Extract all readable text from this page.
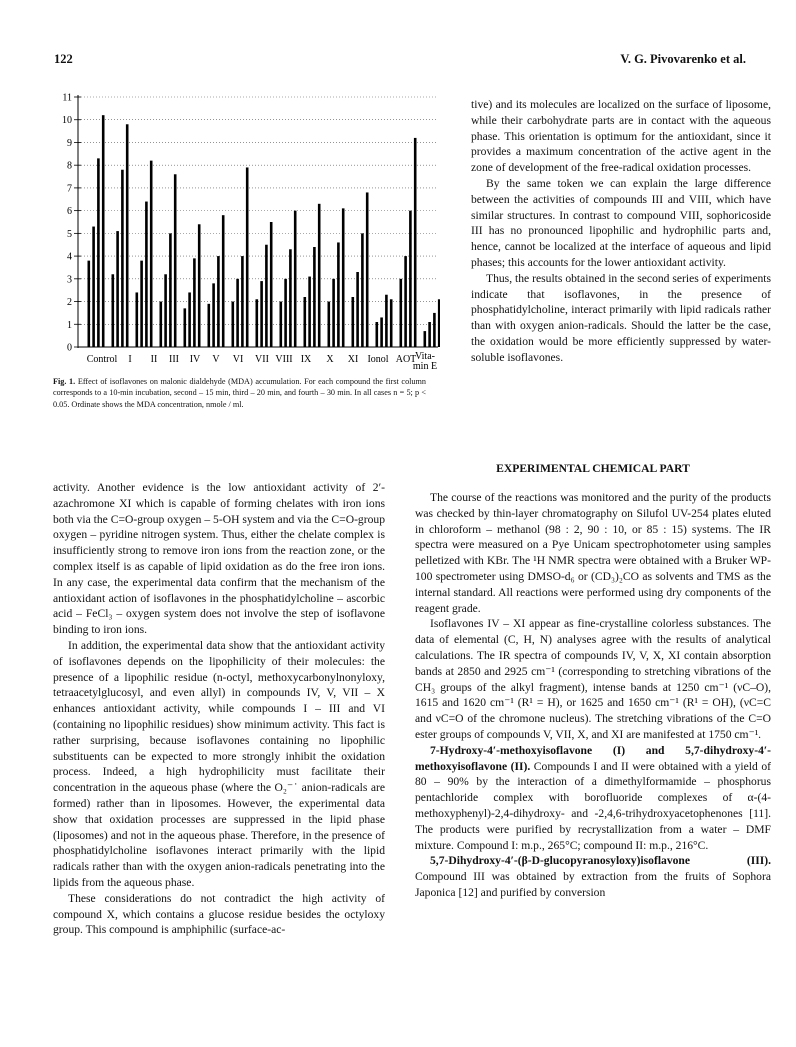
122	V. G. Pivovarenko et al.
0
1
2
3
4
5
6
7
8
9
10
11
Control I II III IV V VI VII VIII IX X XI Ionol AOT
Vita-
min E
Fig. 1. Effect of isoflavones on malonic dialdehyde (MDA) accumulation. For each compound the first column corresponds to a 10-min incubation, second – 15 min, third – 20 min, and fourth – 30 min. In all cases n = 5; p < 0.05. Ordinate shows the MDA concentration, nmole / ml.

tive) and its molecules are localized on the surface of liposome, while their carbohydrate parts are in contact with the aqueous phase. This orientation is optimum for the antioxidant, since it provides a maximum concentration of the active agent in the zone of development of the free-radical oxidation processes.

By the same token we can explain the large difference between the activities of compounds III and VIII, which have similar structures. In contrast to compound VIII, sophoricoside III has no pronounced lipophilic and hydrophilic parts and, hence, cannot be localized at the interface of aqueous and lipid phases; this accounts for the lower antioxidant activity.

Thus, the results obtained in the second series of experiments indicate that isoflavones, in the presence of phosphatidylcholine, interact primarily with lipid radicals rather than with oxygen anion-radicals. Should the latter be the case, the oxidation would be more efficiently suppressed by water-soluble isoflavones.

EXPERIMENTAL CHEMICAL PART

activity. Another evidence is the low antioxidant activity of 2′-azachromone XI which is capable of forming chelates with iron ions both via the C=O-group oxygen – 5-OH system and via the C=O-group oxygen – pyridine nitrogen system. Thus, either the chelate complex is insufficiently strong to remove iron ions from the reaction zone, or the complex itself is as capable of lipid oxidation as do the free iron ions. In any case, the experimental data confirm that the mechanism of the antioxidant action of isoflavones in the phosphatidylcholine – ascorbic acid – FeCl₃ – oxygen system does not involve the step of isoflavone binding to iron ions.

In addition, the experimental data show that the antioxidant activity of isoflavones depends on the lipophilicity of their molecules: the presence of a lipophilic residue (n-octyl, methoxycarbonylnonyloxy, tetraacetylglucosyl, and even allyl) in compounds IV, V, VII – X enhances antioxidant activity, while compounds I – III and VI (containing no lipophilic residues) show minimum activity. This fact is rather surprising, because isoflavones containing no lipophilic substituents can be expected to more strongly inhibit the oxidation process. Indeed, a high hydrophilicity must facilitate their concentration in the aqueous phase (where the O₂⁻˙ anion-radicals are formed) rather than in liposomes. However, the experimental data show that oxidation processes are suppressed in the lipid phase (liposomes) and not in the aqueous phase. Therefore, in the presence of phosphatidylcholine isoflavones interact primarily with the lipid radicals rather than with the oxygen anion-radicals penetrating into the lipids from the aqueous phase.

These considerations do not contradict the high activity of compound X, which contains a glucose residue besides the octyloxy group. This compound is amphiphilic (surface-ac-

The course of the reactions was monitored and the purity of the products was checked by thin-layer chromatography on Silufol UV-254 plates eluted in chloroform – methanol (98 : 2, 90 : 10, or 85 : 15) systems. The IR spectra were measured on a Pye Unicam spectrophotometer using samples pelletized with KBr. The ¹H NMR spectra were obtained with a Bruker WP-100 spectrometer using DMSO-d₆ or (CD₃)₂CO as solvents and TMS as the internal standard. All reactions were performed using dry components of the reagent grade.

Isoflavones IV – XI appear as fine-crystalline colorless substances. The data of elemental (C, H, N) analyses agree with the results of analytical calculations. The IR spectra of compounds IV, V, X, XI contain absorption bands at 2850 and 2925 cm⁻¹ (corresponding to stretching vibrations of the CH₃ groups of the alkyl fragment), intense bands at 1250 cm⁻¹ (νC–O), 1615 and 1620 cm⁻¹ (R¹ = H), or 1625 and 1650 cm⁻¹ (R¹ = OH), (νC=C and νC=O of the chromone nucleus). The stretching vibrations of the C=O ester groups of compounds V, VII, X, and XI are manifested at 1750 cm⁻¹.

7-Hydroxy-4′-methoxyisoflavone (I) and 5,7-dihydroxy-4′-methoxyisoflavone (II). Compounds I and II were obtained with a yield of 80 – 90% by the interaction of a dimethylformamide – phosphorus pentachloride complex with borofluoride complexes of α-(4-methoxyphenyl)-2,4-dihydroxy- and -2,4,6-trihydroxyacetophenones [11]. The products were purified by recrystallization from a water – DMF mixture. Compound I: m.p., 265°C; compound II: m.p., 216°C.

5,7-Dihydroxy-4′-(β-D-glucopyranosyloxy)isoflavone (III). Compound III was obtained by extraction from the fruits of Sophora Japonica [12] and purified by conversion
